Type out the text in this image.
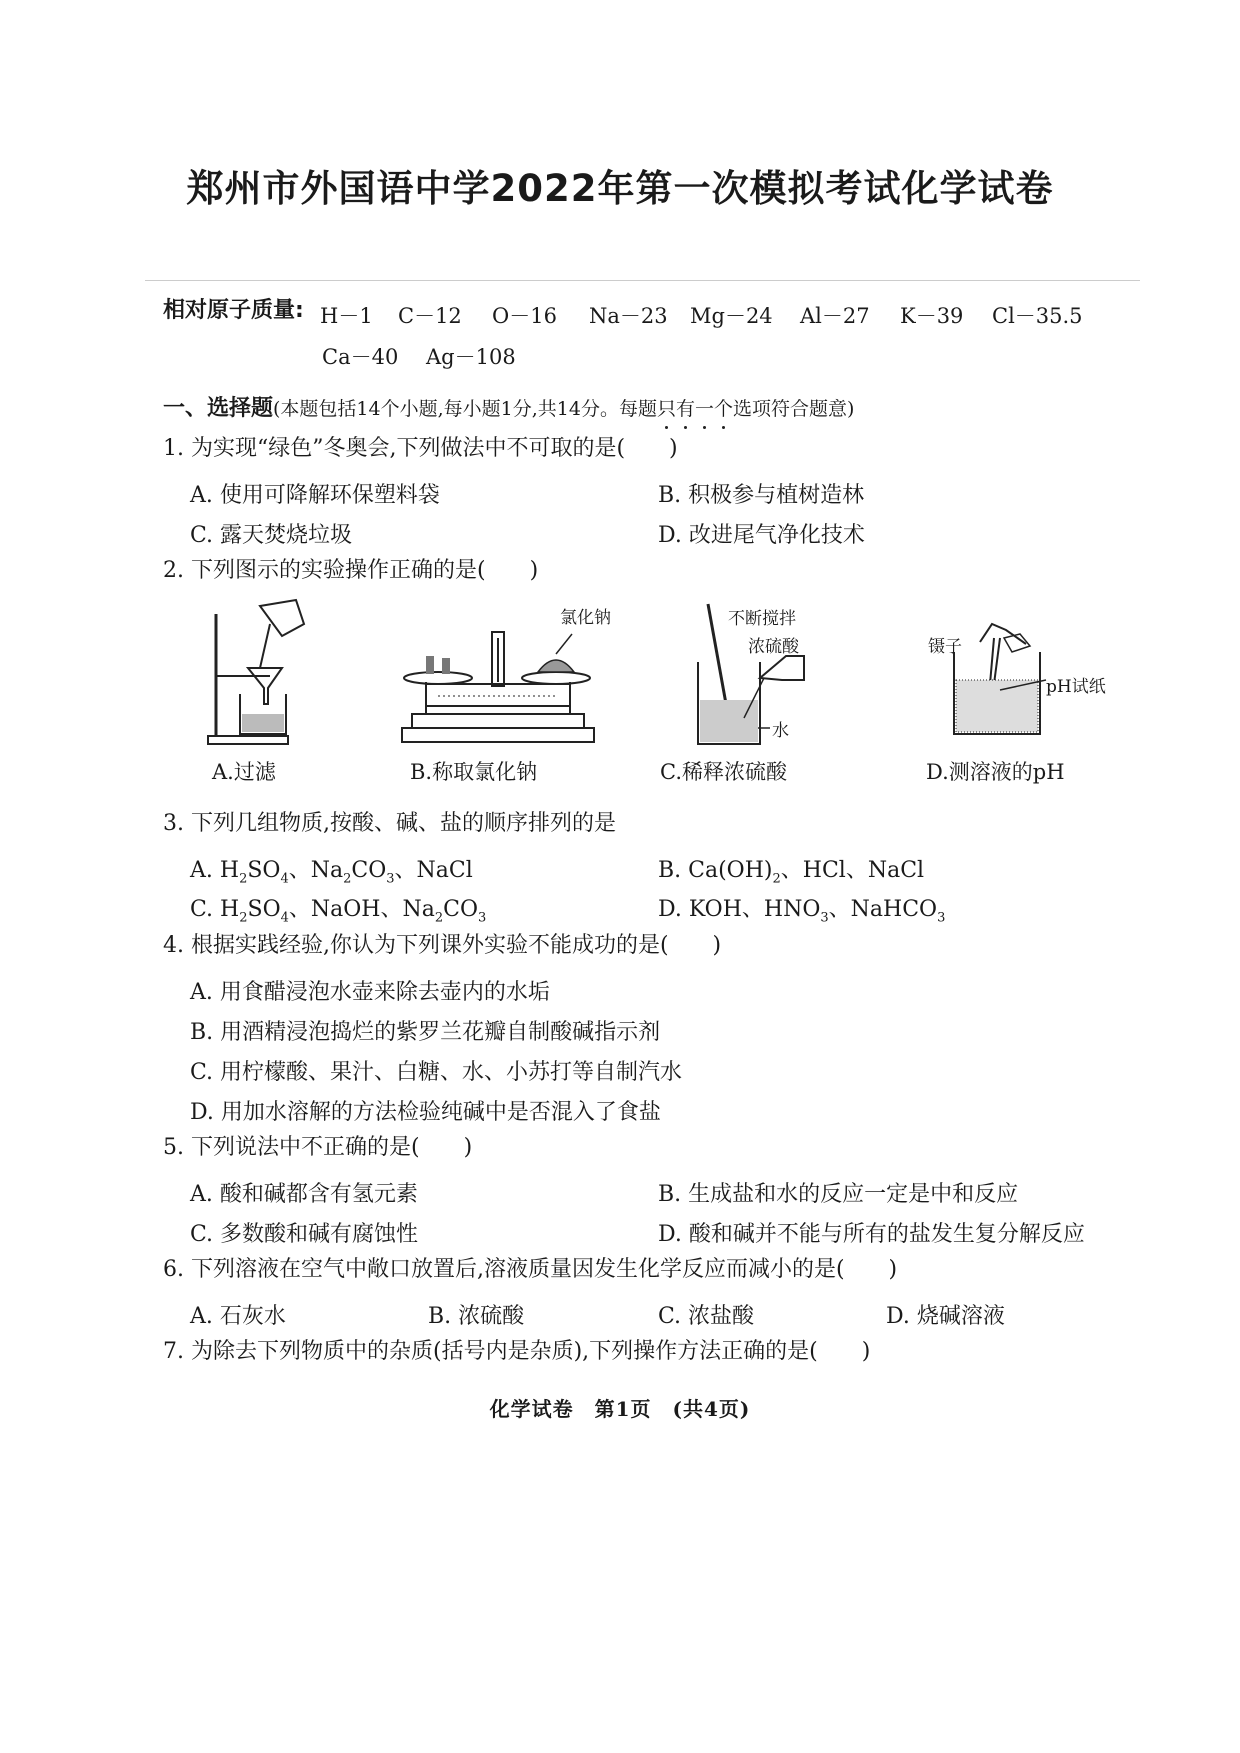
郑州市外国语中学2022年第一次模拟考试化学试卷
相对原子质量: H－1 C－12 O－16 Na－23 Mg－24 Al－27 K－39 Cl－35.5
Ca－40 Ag－108
一、选择题(本题包括14个小题,每小题1分,共14分。每题只有一个选项符合题意)
1. 为实现“绿色”冬奥会,下列做法中不可取的是(　　)
A. 使用可降解环保塑料袋	B. 积极参与植树造林
C. 露天焚烧垃圾	D. 改进尾气净化技术
2. 下列图示的实验操作正确的是(　　)
氯化钠	不断搅拌
浓硫酸
水
镊子
pH试纸
A.过滤	B.称取氯化钠	C.稀释浓硫酸	D.测溶液的pH
3. 下列几组物质,按酸、碱、盐的顺序排列的是
A. $H_2SO_4$、$Na_2CO_3$、NaCl	B. $Ca(OH)_2$、HCl、NaCl
C. $H_2SO_4$、NaOH、$Na_2CO_3$	D. KOH、$HNO_3$、NaHCO$_3$
4. 根据实践经验,你认为下列课外实验不能成功的是(　　)
A. 用食醋浸泡水壶来除去壶内的水垢
B. 用酒精浸泡捣烂的紫罗兰花瓣自制酸碱指示剂
C. 用柠檬酸、果汁、白糖、水、小苏打等自制汽水
D. 用加水溶解的方法检验纯碱中是否混入了食盐
5. 下列说法中不正确的是(　　)
A. 酸和碱都含有氢元素	B. 生成盐和水的反应一定是中和反应
C. 多数酸和碱有腐蚀性	D. 酸和碱并不能与所有的盐发生复分解反应
6. 下列溶液在空气中敞口放置后,溶液质量因发生化学反应而减小的是(　　)
A. 石灰水	B. 浓硫酸	C. 浓盐酸	D. 烧碱溶液
7. 为除去下列物质中的杂质(括号内是杂质),下列操作方法正确的是(　　)
化学试卷　第1页　(共4页)
